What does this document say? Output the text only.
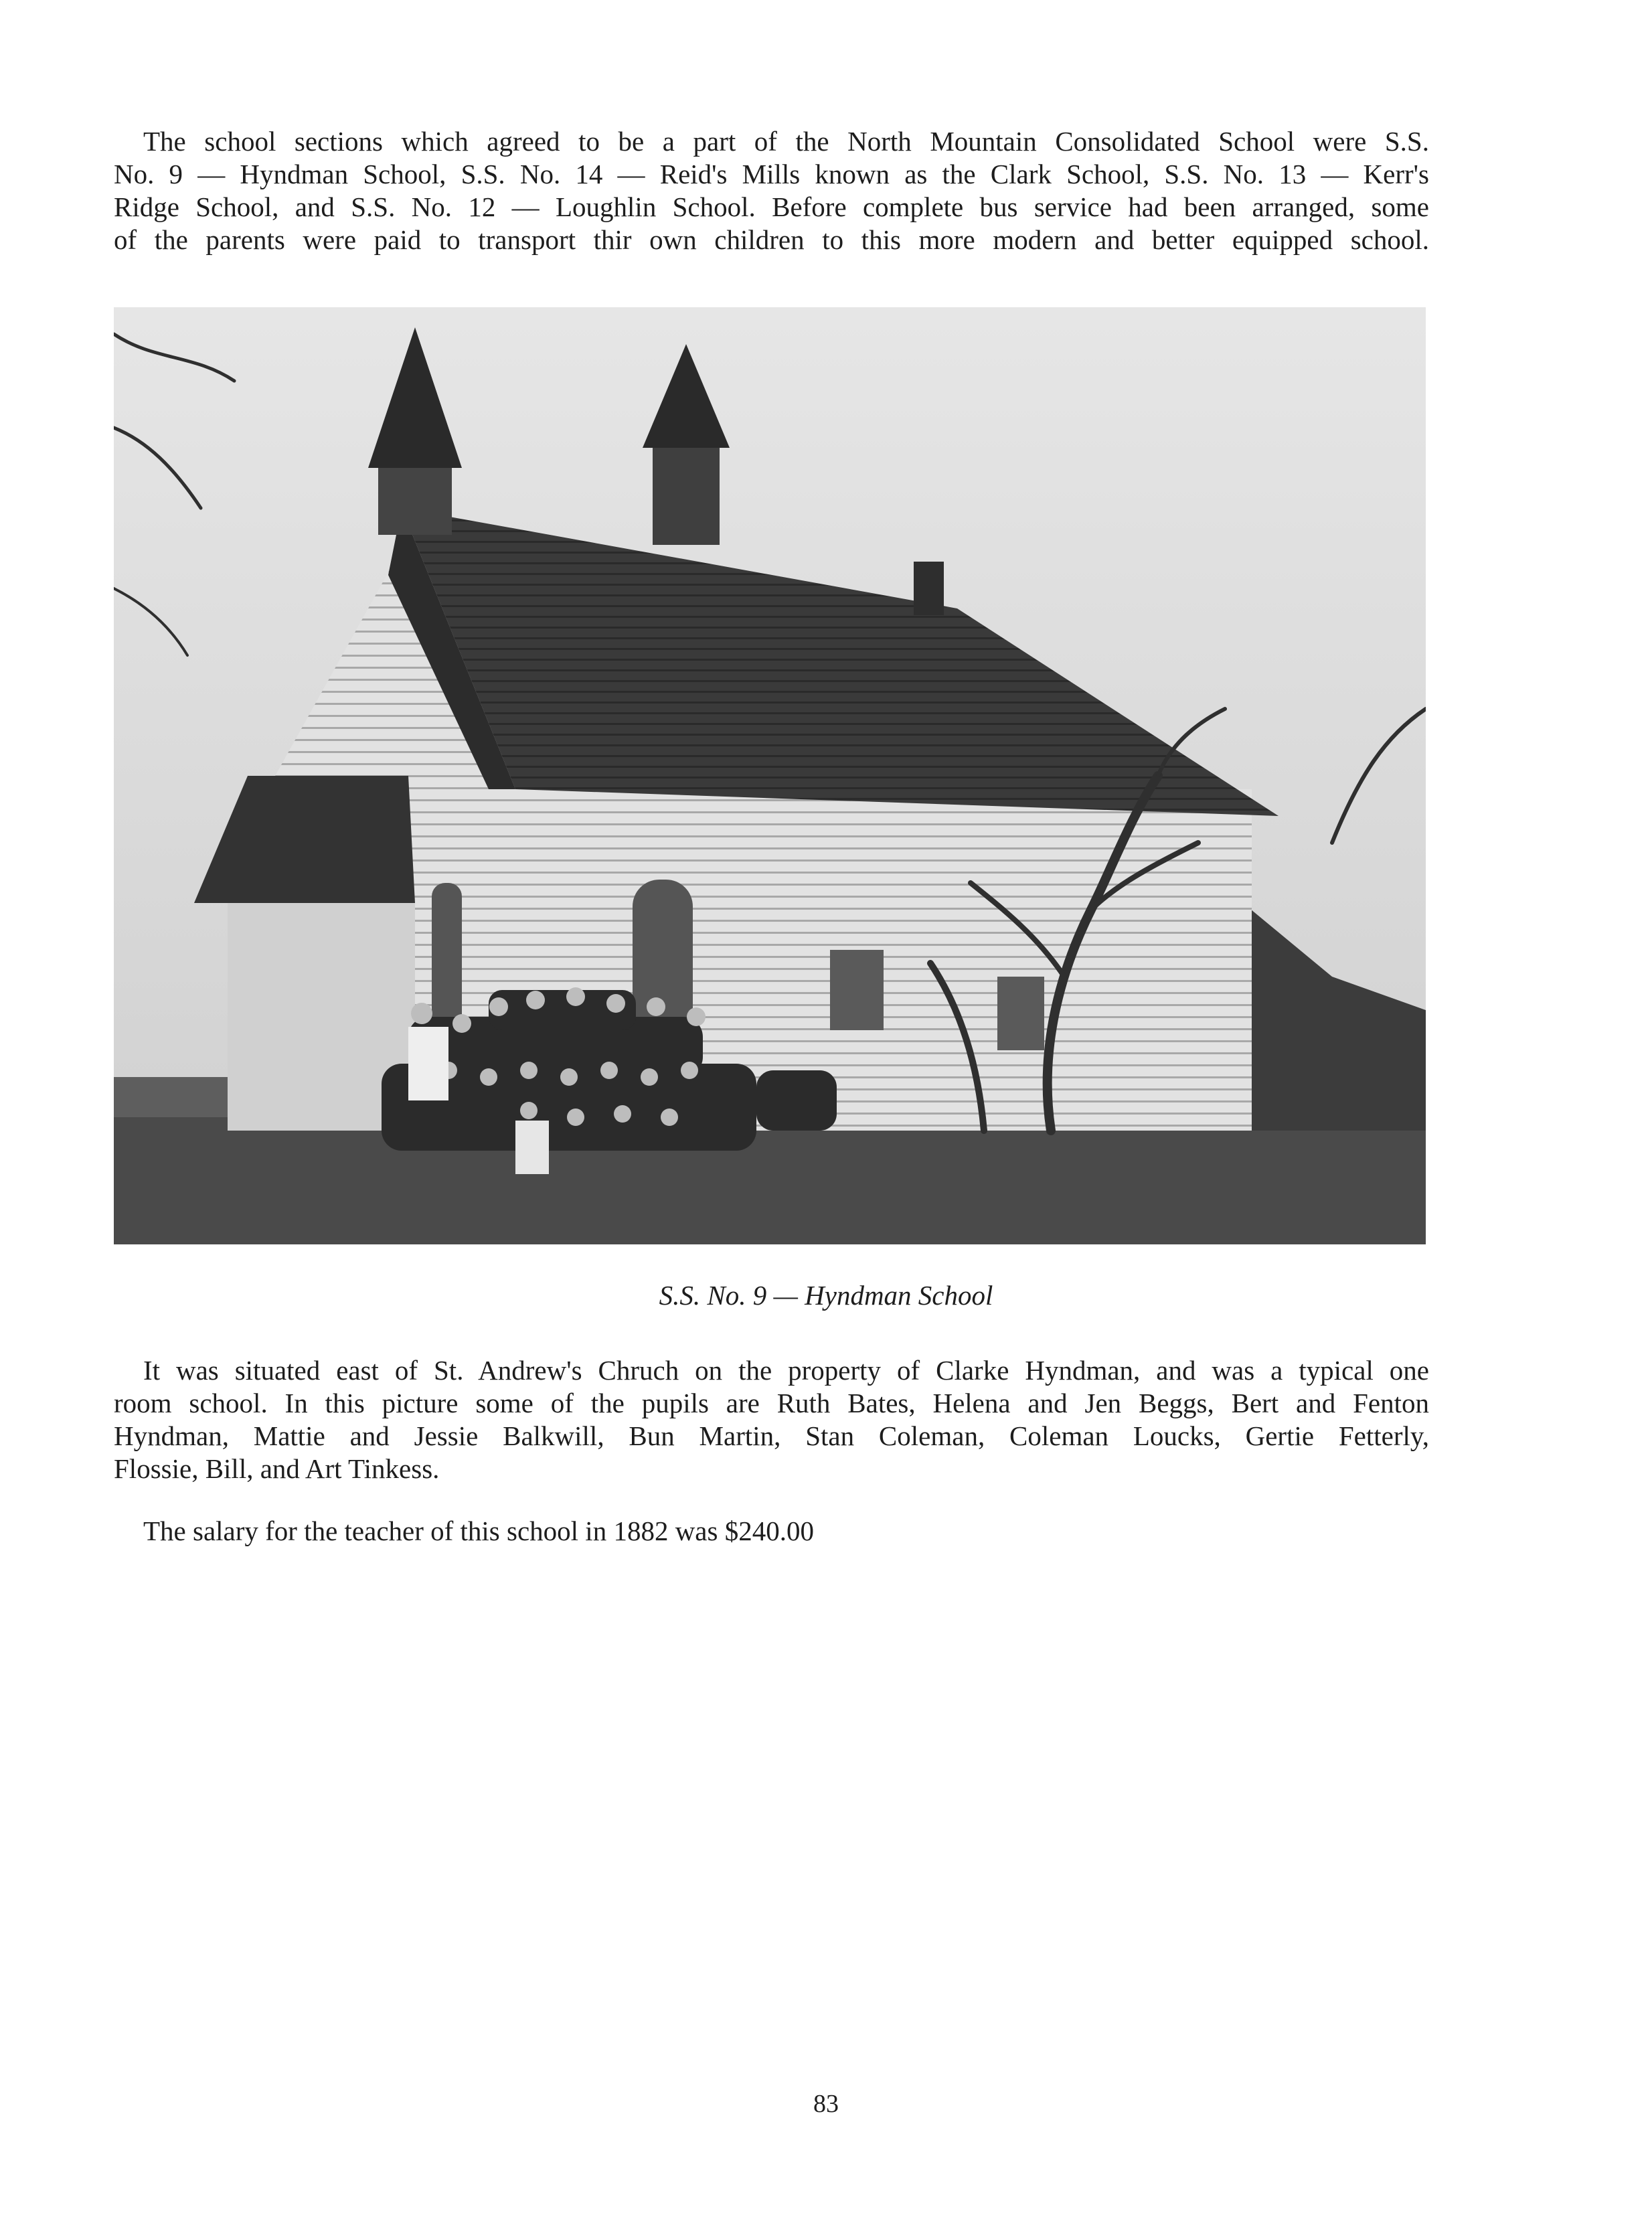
The school sections which agreed to be a part of the North Mountain Consolidated School were S.S.
No. 9 — Hyndman School, S.S. No. 14 — Reid's Mills known as the Clark School, S.S. No. 13 — Kerr's
Ridge School, and S.S. No. 12 — Loughlin School. Before complete bus service had been arranged, some
of the parents were paid to transport thir own children to this more modern and better equipped school.
S.S. No. 9 — Hyndman School
It was situated east of St. Andrew's Chruch on the property of Clarke Hyndman, and was a typical one
room school. In this picture some of the pupils are Ruth Bates, Helena and Jen Beggs, Bert and Fenton
Hyndman, Mattie and Jessie Balkwill, Bun Martin, Stan Coleman, Coleman Loucks, Gertie Fetterly,
Flossie, Bill, and Art Tinkess.
The salary for the teacher of this school in 1882 was $240.00
83
